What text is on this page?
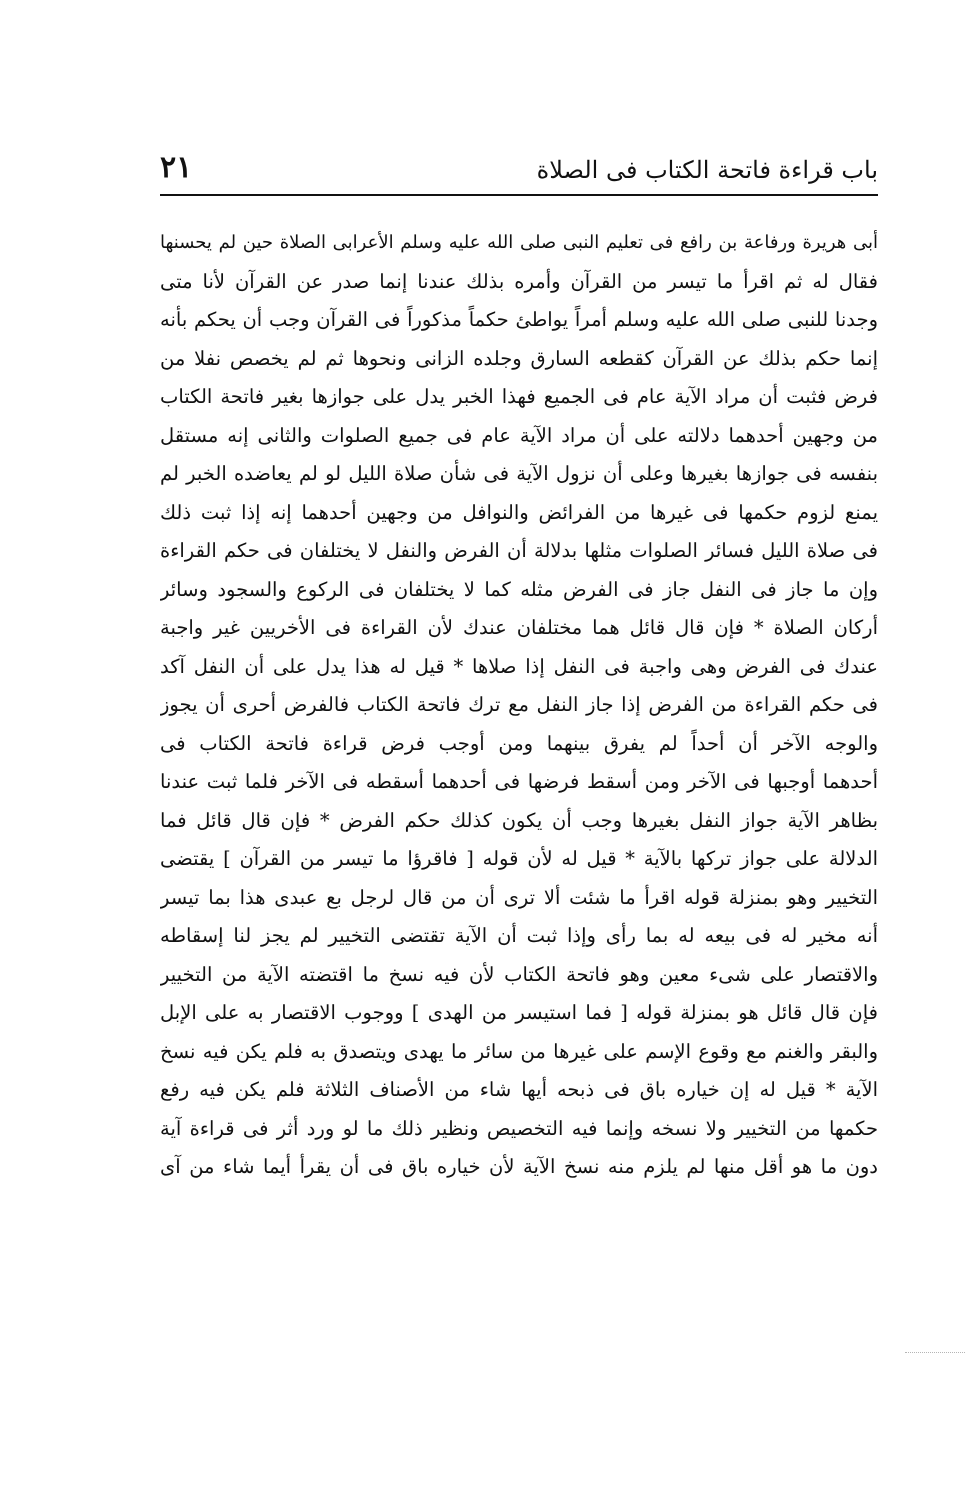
باب قراءة فاتحة الكتاب فى الصلاة
٢١
أبى هريرة ورفاعة بن رافع فى تعليم النبى صلى الله عليه وسلم الأعرابى الصلاة حين لم يحسنها
فقال له ثم اقرأ ما تيسر من القرآن وأمره بذلك عندنا إنما صدر عن القرآن لأنا متى
وجدنا للنبى صلى الله عليه وسلم أمراً يواطئ حكماً مذكوراً فى القرآن وجب أن يحكم بأنه
إنما حكم بذلك عن القرآن كقطعه السارق وجلده الزانى ونحوها ثم لم يخصص نفلا من
فرض فثبت أن مراد الآية عام فى الجميع فهذا الخبر يدل على جوازها بغير فاتحة الكتاب
من وجهين أحدهما دلالته على أن مراد الآية عام فى جميع الصلوات والثانى إنه مستقل
بنفسه فى جوازها بغيرها وعلى أن نزول الآية فى شأن صلاة الليل لو لم يعاضده الخبر لم
يمنع لزوم حكمها فى غيرها من الفرائض والنوافل من وجهين أحدهما إنه إذا ثبت ذلك
فى صلاة الليل فسائر الصلوات مثلها بدلالة أن الفرض والنفل لا يختلفان فى حكم القراءة
وإن ما جاز فى النفل جاز فى الفرض مثله كما لا يختلفان فى الركوع والسجود وسائر
أركان الصلاة * فإن قال قائل هما مختلفان عندك لأن القراءة فى الأخريين غير واجبة
عندك فى الفرض وهى واجبة فى النفل إذا صلاها * قيل له هذا يدل على أن النفل آكد
فى حكم القراءة من الفرض إذا جاز النفل مع ترك فاتحة الكتاب فالفرض أحرى أن يجوز
والوجه الآخر أن أحداً لم يفرق بينهما ومن أوجب فرض قراءة فاتحة الكتاب فى
أحدهما أوجبها فى الآخر ومن أسقط فرضها فى أحدهما أسقطه فى الآخر فلما ثبت عندنا
بظاهر الآية جواز النفل بغيرها وجب أن يكون كذلك حكم الفرض * فإن قال قائل فما
الدلالة على جواز تركها بالآية * قيل له لأن قوله [ فاقرؤا ما تيسر من القرآن ] يقتضى
التخيير وهو بمنزلة قوله اقرأ ما شئت ألا ترى أن من قال لرجل بع عبدى هذا بما تيسر
أنه مخير له فى بيعه له بما رأى وإذا ثبت أن الآية تقتضى التخيير لم يجز لنا إسقاطه
والاقتصار على شىء معين وهو فاتحة الكتاب لأن فيه نسخ ما اقتضته الآية من التخيير
فإن قال قائل هو بمنزلة قوله [ فما استيسر من الهدى ] ووجوب الاقتصار به على الإبل
والبقر والغنم مع وقوع الإسم على غيرها من سائر ما يهدى ويتصدق به فلم يكن فيه نسخ
الآية * قيل له إن خياره باق فى ذبحه أيها شاء من الأصناف الثلاثة فلم يكن فيه رفع
حكمها من التخيير ولا نسخه وإنما فيه التخصيص ونظير ذلك ما لو ورد أثر فى قراءة آية
دون ما هو أقل منها لم يلزم منه نسخ الآية لأن خياره باق فى أن يقرأ أيما شاء من آى
